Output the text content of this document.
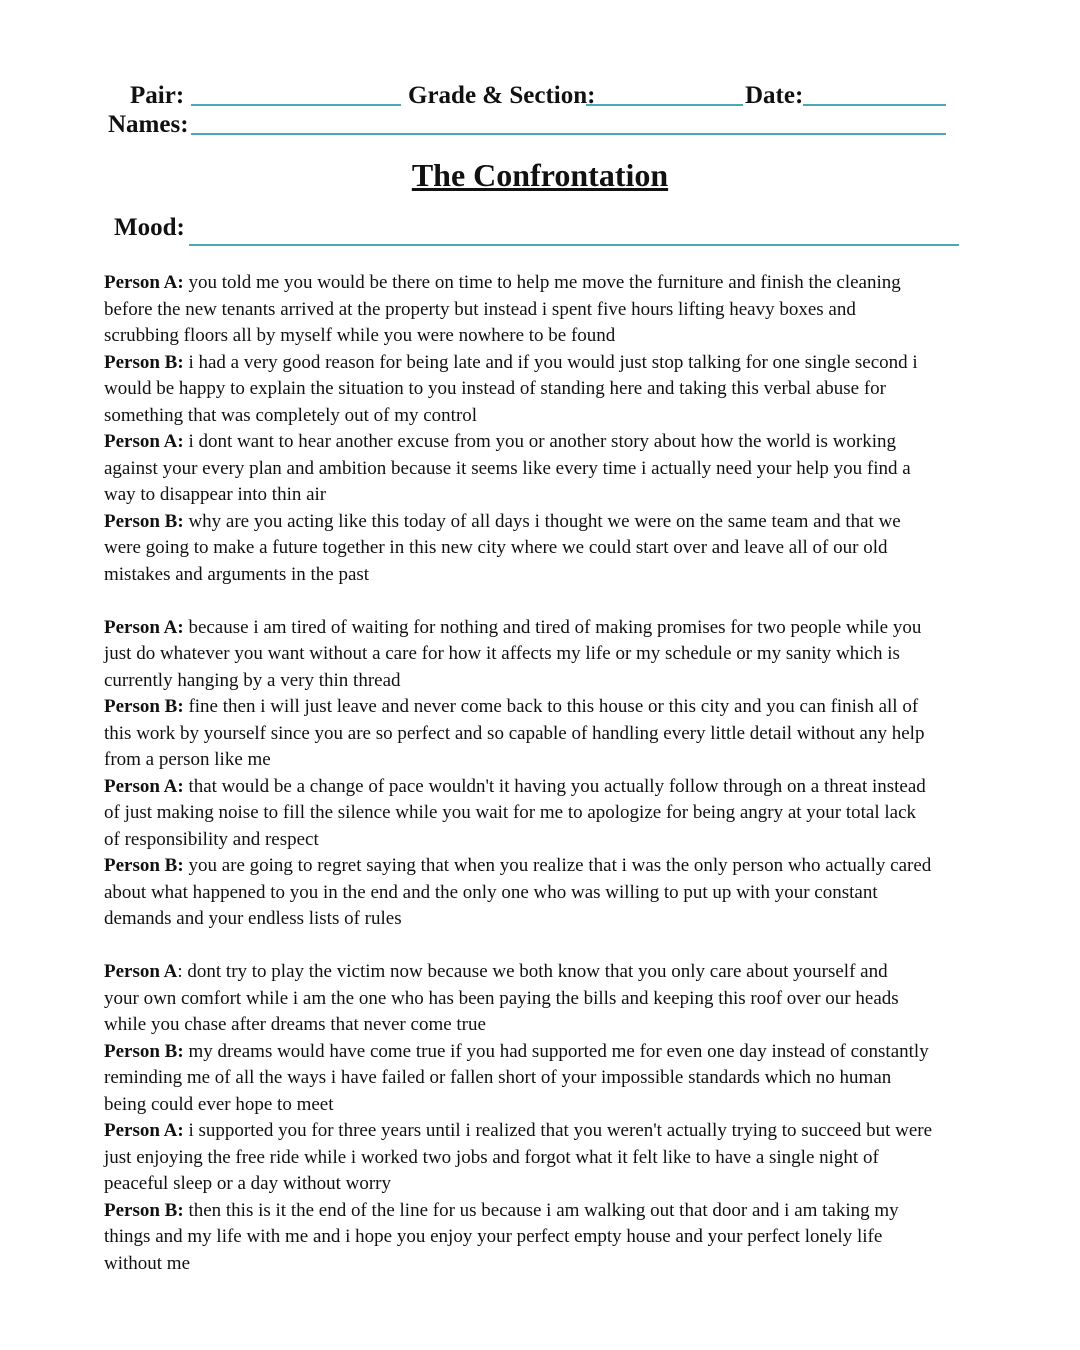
Pair:	Grade & Section:	Date:
Names:
The Confrontation
Mood:
Person A: you told me you would be there on time to help me move the furniture and finish the cleaning
before the new tenants arrived at the property but instead i spent five hours lifting heavy boxes and
scrubbing floors all by myself while you were nowhere to be found
Person B: i had a very good reason for being late and if you would just stop talking for one single second i
would be happy to explain the situation to you instead of standing here and taking this verbal abuse for
something that was completely out of my control
Person A: i dont want to hear another excuse from you or another story about how the world is working
against your every plan and ambition because it seems like every time i actually need your help you find a
way to disappear into thin air
Person B: why are you acting like this today of all days i thought we were on the same team and that we
were going to make a future together in this new city where we could start over and leave all of our old
mistakes and arguments in the past
Person A: because i am tired of waiting for nothing and tired of making promises for two people while you
just do whatever you want without a care for how it affects my life or my schedule or my sanity which is
currently hanging by a very thin thread
Person B: fine then i will just leave and never come back to this house or this city and you can finish all of
this work by yourself since you are so perfect and so capable of handling every little detail without any help
from a person like me
Person A: that would be a change of pace wouldn't it having you actually follow through on a threat instead
of just making noise to fill the silence while you wait for me to apologize for being angry at your total lack
of responsibility and respect
Person B: you are going to regret saying that when you realize that i was the only person who actually cared
about what happened to you in the end and the only one who was willing to put up with your constant
demands and your endless lists of rules
Person A: dont try to play the victim now because we both know that you only care about yourself and
your own comfort while i am the one who has been paying the bills and keeping this roof over our heads
while you chase after dreams that never come true
Person B: my dreams would have come true if you had supported me for even one day instead of constantly
reminding me of all the ways i have failed or fallen short of your impossible standards which no human
being could ever hope to meet
Person A: i supported you for three years until i realized that you weren't actually trying to succeed but were
just enjoying the free ride while i worked two jobs and forgot what it felt like to have a single night of
peaceful sleep or a day without worry
Person B: then this is it the end of the line for us because i am walking out that door and i am taking my
things and my life with me and i hope you enjoy your perfect empty house and your perfect lonely life
without me
